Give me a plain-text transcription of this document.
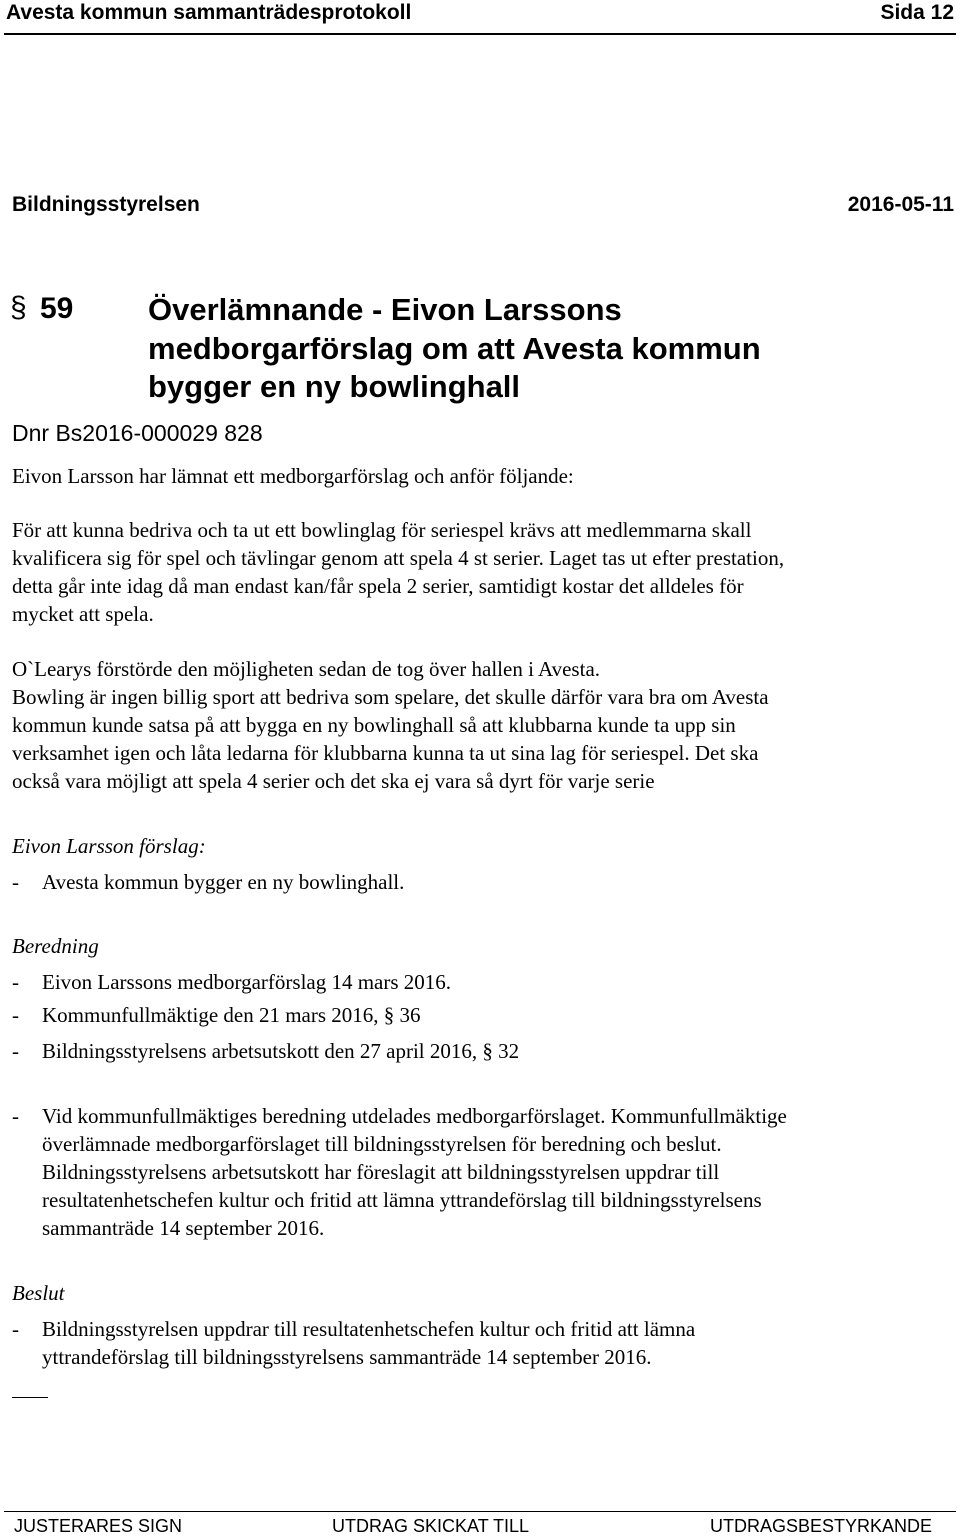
Avesta kommun sammanträdesprotokoll	Sida 12
Bildningsstyrelsen	2016-05-11
§ 59 Överlämnande - Eivon Larssons
medborgarförslag om att Avesta kommun
bygger en ny bowlinghall
Dnr Bs2016-000029 828
Eivon Larsson har lämnat ett medborgarförslag och anför följande:
För att kunna bedriva och ta ut ett bowlinglag för seriespel krävs att medlemmarna skall
kvalificera sig för spel och tävlingar genom att spela 4 st serier. Laget tas ut efter prestation,
detta går inte idag då man endast kan/får spela 2 serier, samtidigt kostar det alldeles för
mycket att spela.
O`Learys förstörde den möjligheten sedan de tog över hallen i Avesta.
Bowling är ingen billig sport att bedriva som spelare, det skulle därför vara bra om Avesta
kommun kunde satsa på att bygga en ny bowlinghall så att klubbarna kunde ta upp sin
verksamhet igen och låta ledarna för klubbarna kunna ta ut sina lag för seriespel. Det ska
också vara möjligt att spela 4 serier och det ska ej vara så dyrt för varje serie
Eivon Larsson förslag:
- Avesta kommun bygger en ny bowlinghall.
Beredning
- Eivon Larssons medborgarförslag 14 mars 2016.
- Kommunfullmäktige den 21 mars 2016, § 36
- Bildningsstyrelsens arbetsutskott den 27 april 2016, § 32
- Vid kommunfullmäktiges beredning utdelades medborgarförslaget. Kommunfullmäktige
överlämnade medborgarförslaget till bildningsstyrelsen för beredning och beslut.
Bildningsstyrelsens arbetsutskott har föreslagit att bildningsstyrelsen uppdrar till
resultatenhetschefen kultur och fritid att lämna yttrandeförslag till bildningsstyrelsens
sammanträde 14 september 2016.
Beslut
- Bildningsstyrelsen uppdrar till resultatenhetschefen kultur och fritid att lämna
yttrandeförslag till bildningsstyrelsens sammanträde 14 september 2016.
JUSTERARES SIGN	UTDRAG SKICKAT TILL	UTDRAGSBESTYRKANDE
